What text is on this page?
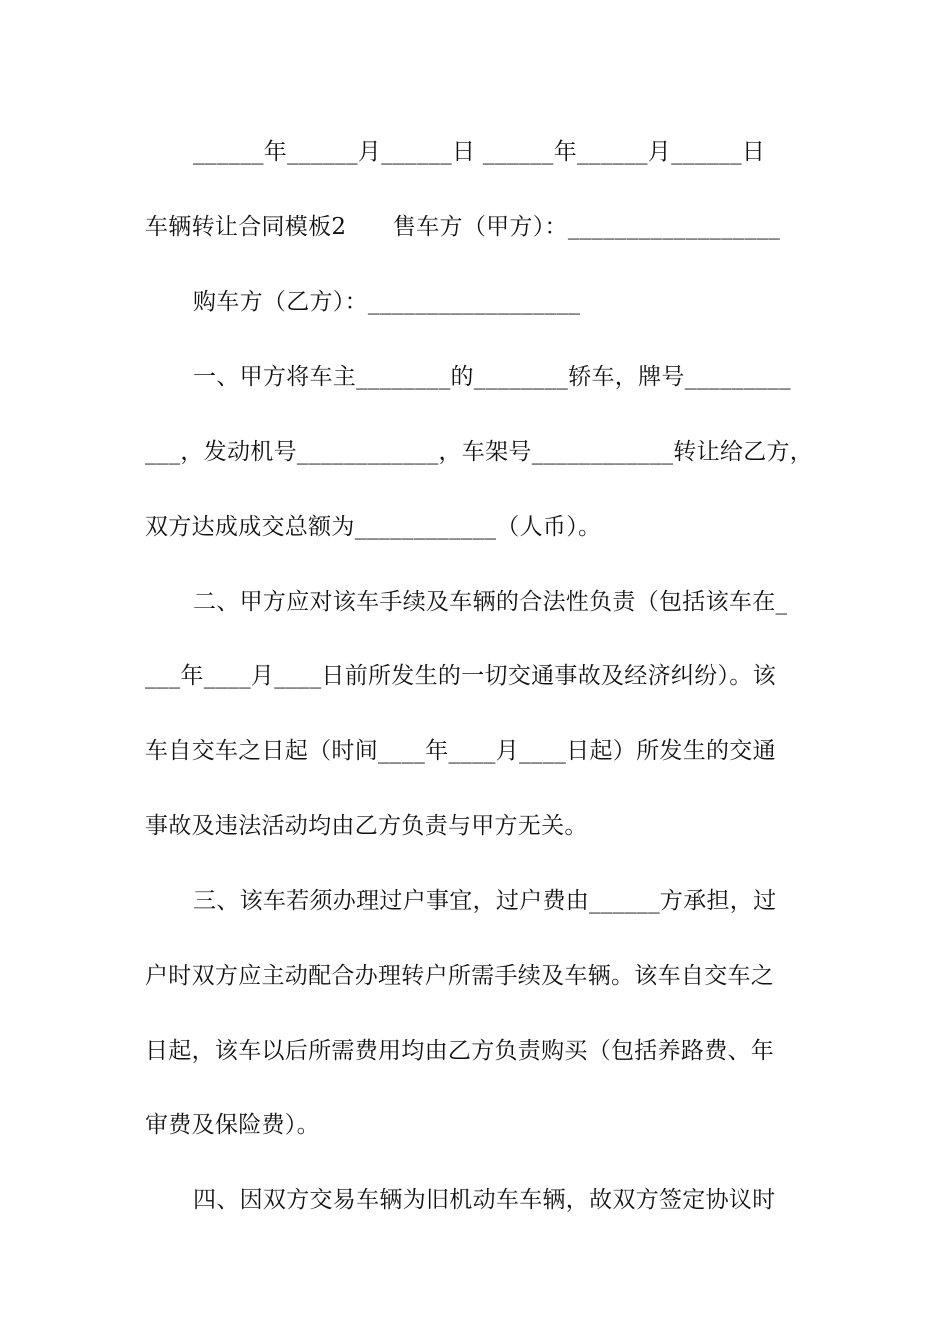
______年______月______日 ______年______月______日
车辆转让合同模板2　　售车方（甲方）：__________________
购车方（乙方）：__________________
一、甲方将车主________的________轿车，牌号_________
___，发动机号____________，车架号____________转让给乙方，
双方达成成交总额为____________（人币）。
二、甲方应对该车手续及车辆的合法性负责（包括该车在_
___年____月____日前所发生的一切交通事故及经济纠纷）。该
车自交车之日起（时间____年____月____日起）所发生的交通
事故及违法活动均由乙方负责与甲方无关。
三、该车若须办理过户事宜，过户费由______方承担，过
户时双方应主动配合办理转户所需手续及车辆。该车自交车之
日起，该车以后所需费用均由乙方负责购买（包括养路费、年
审费及保险费）。
四、因双方交易车辆为旧机动车车辆，故双方签定协议时
